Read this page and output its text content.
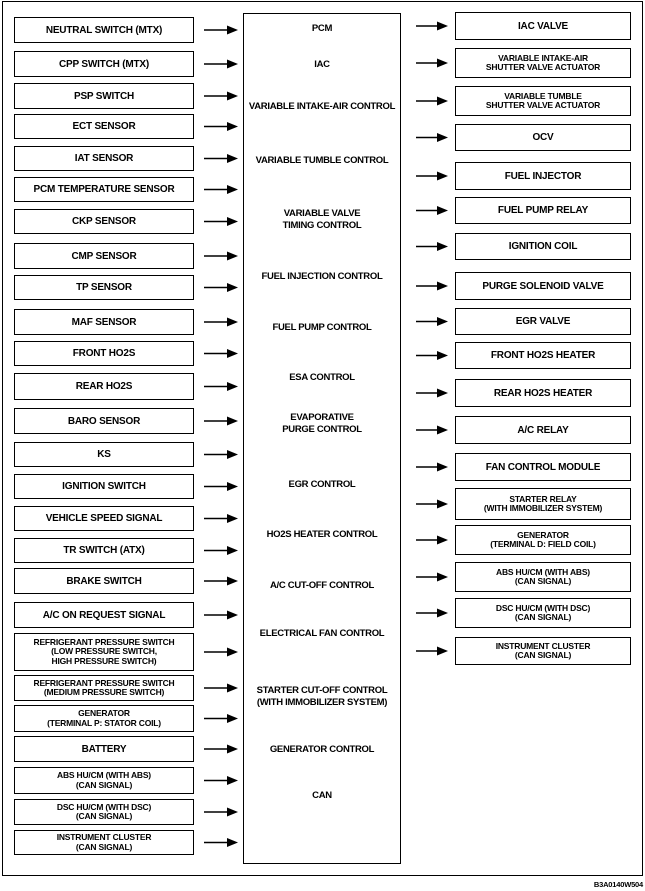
NEUTRAL SWITCH (MTX)
CPP SWITCH (MTX)
PSP SWITCH
ECT SENSOR
IAT SENSOR
PCM TEMPERATURE SENSOR
CKP SENSOR
CMP SENSOR
TP SENSOR
MAF SENSOR
FRONT HO2S
REAR HO2S
BARO SENSOR
KS
IGNITION SWITCH
VEHICLE SPEED SIGNAL
TR SWITCH (ATX)
BRAKE SWITCH
A/C ON REQUEST SIGNAL
REFRIGERANT PRESSURE SWITCH
(LOW PRESSURE SWITCH,
HIGH PRESSURE SWITCH)
REFRIGERANT PRESSURE SWITCH
(MEDIUM PRESSURE SWITCH)
GENERATOR
(TERMINAL P: STATOR COIL)
BATTERY
ABS HU/CM (WITH ABS)
(CAN SIGNAL)
DSC HU/CM (WITH DSC)
(CAN SIGNAL)
INSTRUMENT CLUSTER
(CAN SIGNAL)
PCM
IAC
VARIABLE INTAKE-AIR CONTROL
VARIABLE TUMBLE CONTROL
VARIABLE VALVE
TIMING CONTROL
FUEL INJECTION CONTROL
FUEL PUMP CONTROL
ESA CONTROL
EVAPORATIVE
PURGE CONTROL
EGR CONTROL
HO2S HEATER CONTROL
A/C CUT-OFF CONTROL
ELECTRICAL FAN CONTROL
STARTER CUT-OFF CONTROL
(WITH IMMOBILIZER SYSTEM)
GENERATOR CONTROL
CAN
IAC VALVE
VARIABLE INTAKE-AIR
SHUTTER VALVE ACTUATOR
VARIABLE TUMBLE
SHUTTER VALVE ACTUATOR
OCV
FUEL INJECTOR
FUEL PUMP RELAY
IGNITION COIL
PURGE SOLENOID VALVE
EGR VALVE
FRONT HO2S HEATER
REAR HO2S HEATER
A/C RELAY
FAN CONTROL MODULE
STARTER RELAY
(WITH IMMOBILIZER SYSTEM)
GENERATOR
(TERMINAL D: FIELD COIL)
ABS HU/CM (WITH ABS)
(CAN SIGNAL)
DSC HU/CM (WITH DSC)
(CAN SIGNAL)
INSTRUMENT CLUSTER
(CAN SIGNAL)
B3A0140W504
